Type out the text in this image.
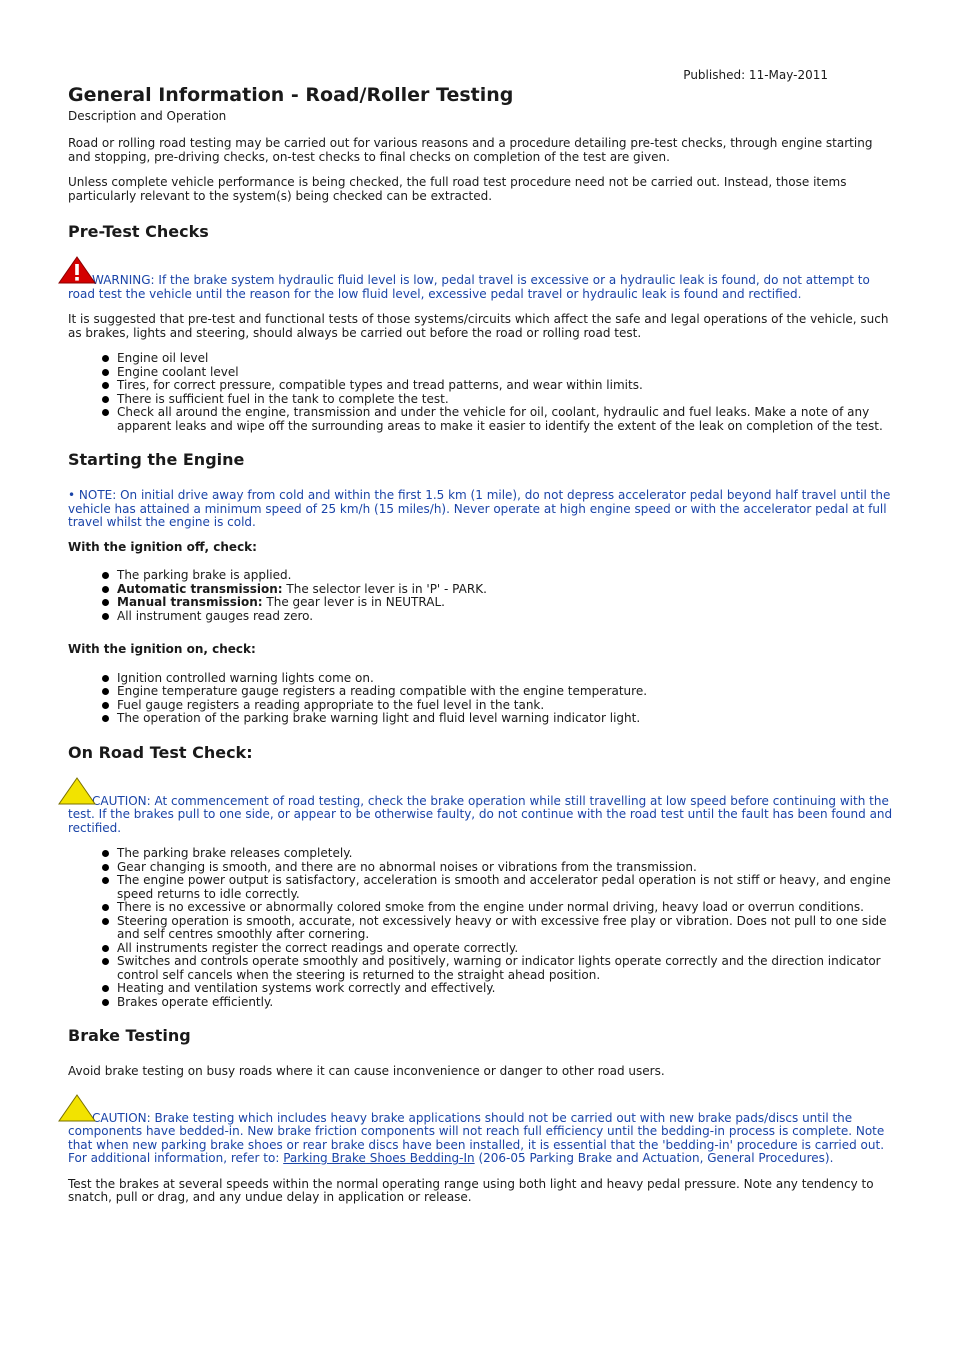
Published: 11-May-2011
General Information - Road/Roller Testing
Description and Operation

Road or rolling road testing may be carried out for various reasons and a procedure detailing pre-test checks, through engine starting and stopping, pre-driving checks, on-test checks to final checks on completion of the test are given.

Unless complete vehicle performance is being checked, the full road test procedure need not be carried out. Instead, those items particularly relevant to the system(s) being checked can be extracted.

Pre-Test Checks
WARNING: If the brake system hydraulic fluid level is low, pedal travel is excessive or a hydraulic leak is found, do not attempt to road test the vehicle until the reason for the low fluid level, excessive pedal travel or hydraulic leak is found and rectified.

It is suggested that pre-test and functional tests of those systems/circuits which affect the safe and legal operations of the vehicle, such as brakes, lights and steering, should always be carried out before the road or rolling road test.

Engine oil level
Engine coolant level
Tires, for correct pressure, compatible types and tread patterns, and wear within limits.
There is sufficient fuel in the tank to complete the test.
Check all around the engine, transmission and under the vehicle for oil, coolant, hydraulic and fuel leaks. Make a note of any apparent leaks and wipe off the surrounding areas to make it easier to identify the extent of the leak on completion of the test.
Starting the Engine

• NOTE: On initial drive away from cold and within the first 1.5 km (1 mile), do not depress accelerator pedal beyond half travel until the vehicle has attained a minimum speed of 25 km/h (15 miles/h). Never operate at high engine speed or with the accelerator pedal at full travel whilst the engine is cold.

With the ignition off, check:
The parking brake is applied.
Automatic transmission: The selector lever is in 'P' - PARK.
Manual transmission: The gear lever is in NEUTRAL.
All instrument gauges read zero.
With the ignition on, check:
Ignition controlled warning lights come on.
Engine temperature gauge registers a reading compatible with the engine temperature.
Fuel gauge registers a reading appropriate to the fuel level in the tank.
The operation of the parking brake warning light and fluid level warning indicator light.
On Road Test Check:
CAUTION: At commencement of road testing, check the brake operation while still travelling at low speed before continuing with the test. If the brakes pull to one side, or appear to be otherwise faulty, do not continue with the road test until the fault has been found and rectified.
The parking brake releases completely.
Gear changing is smooth, and there are no abnormal noises or vibrations from the transmission.
The engine power output is satisfactory, acceleration is smooth and accelerator pedal operation is not stiff or heavy, and engine speed returns to idle correctly.
There is no excessive or abnormally colored smoke from the engine under normal driving, heavy load or overrun conditions.
Steering operation is smooth, accurate, not excessively heavy or with excessive free play or vibration. Does not pull to one side and self centres smoothly after cornering.
All instruments register the correct readings and operate correctly.
Switches and controls operate smoothly and positively, warning or indicator lights operate correctly and the direction indicator control self cancels when the steering is returned to the straight ahead position.
Heating and ventilation systems work correctly and effectively.
Brakes operate efficiently.
Brake Testing

Avoid brake testing on busy roads where it can cause inconvenience or danger to other road users.

CAUTION: Brake testing which includes heavy brake applications should not be carried out with new brake pads/discs until the components have bedded-in. New brake friction components will not reach full efficiency until the bedding-in process is complete. Note that when new parking brake shoes or rear brake discs have been installed, it is essential that the 'bedding-in' procedure is carried out.
For additional information, refer to: Parking Brake Shoes Bedding-In (206-05 Parking Brake and Actuation, General Procedures).

Test the brakes at several speeds within the normal operating range using both light and heavy pedal pressure. Note any tendency to snatch, pull or drag, and any undue delay in application or release.
